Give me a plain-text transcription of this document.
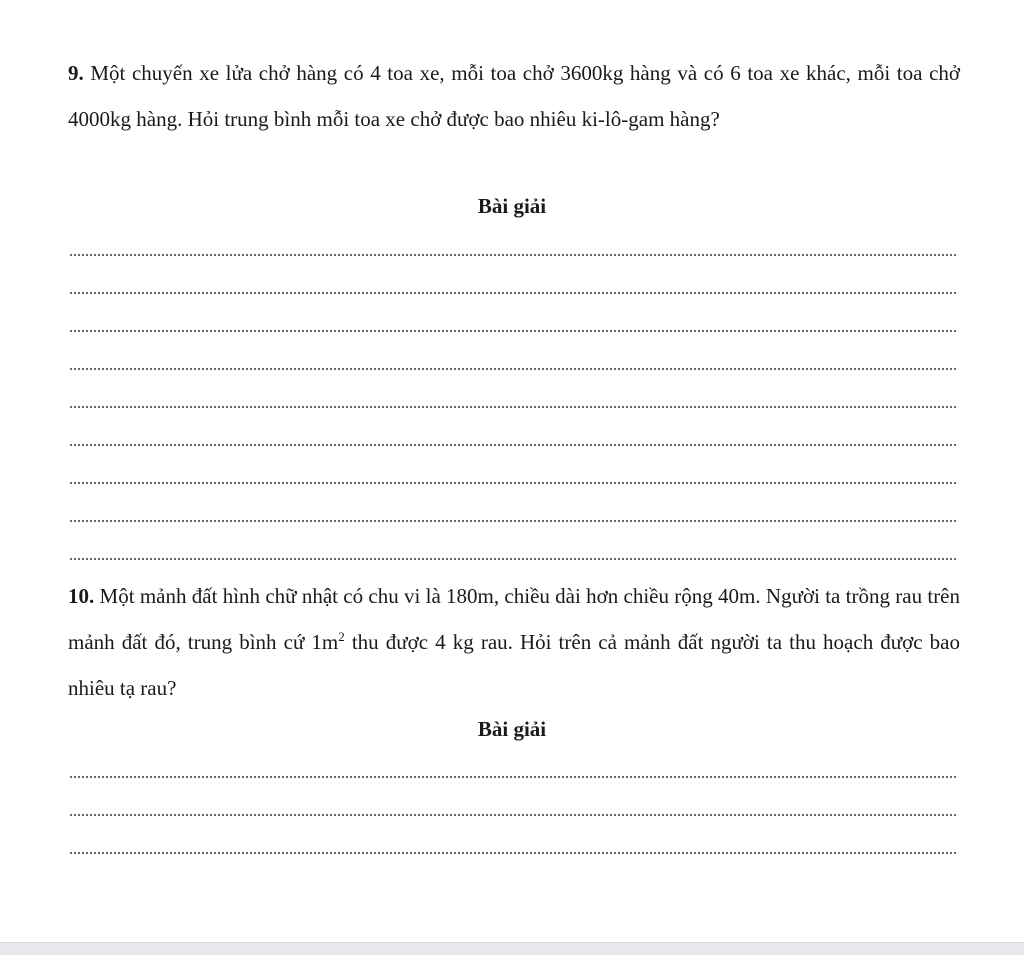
9. Một chuyến xe lửa chở hàng có 4 toa xe, mỗi toa chở 3600kg hàng và có 6 toa xe khác, mỗi toa chở 4000kg hàng. Hỏi trung bình mỗi toa xe chở được bao nhiêu ki-lô-gam hàng?
Bài giải
10. Một mảnh đất hình chữ nhật có chu vi là 180m, chiều dài hơn chiều rộng 40m. Người ta trồng rau trên mảnh đất đó, trung bình cứ $1m^2$ thu được 4 kg rau. Hỏi trên cả mảnh đất người ta thu hoạch được bao nhiêu tạ rau?
Bài giải
